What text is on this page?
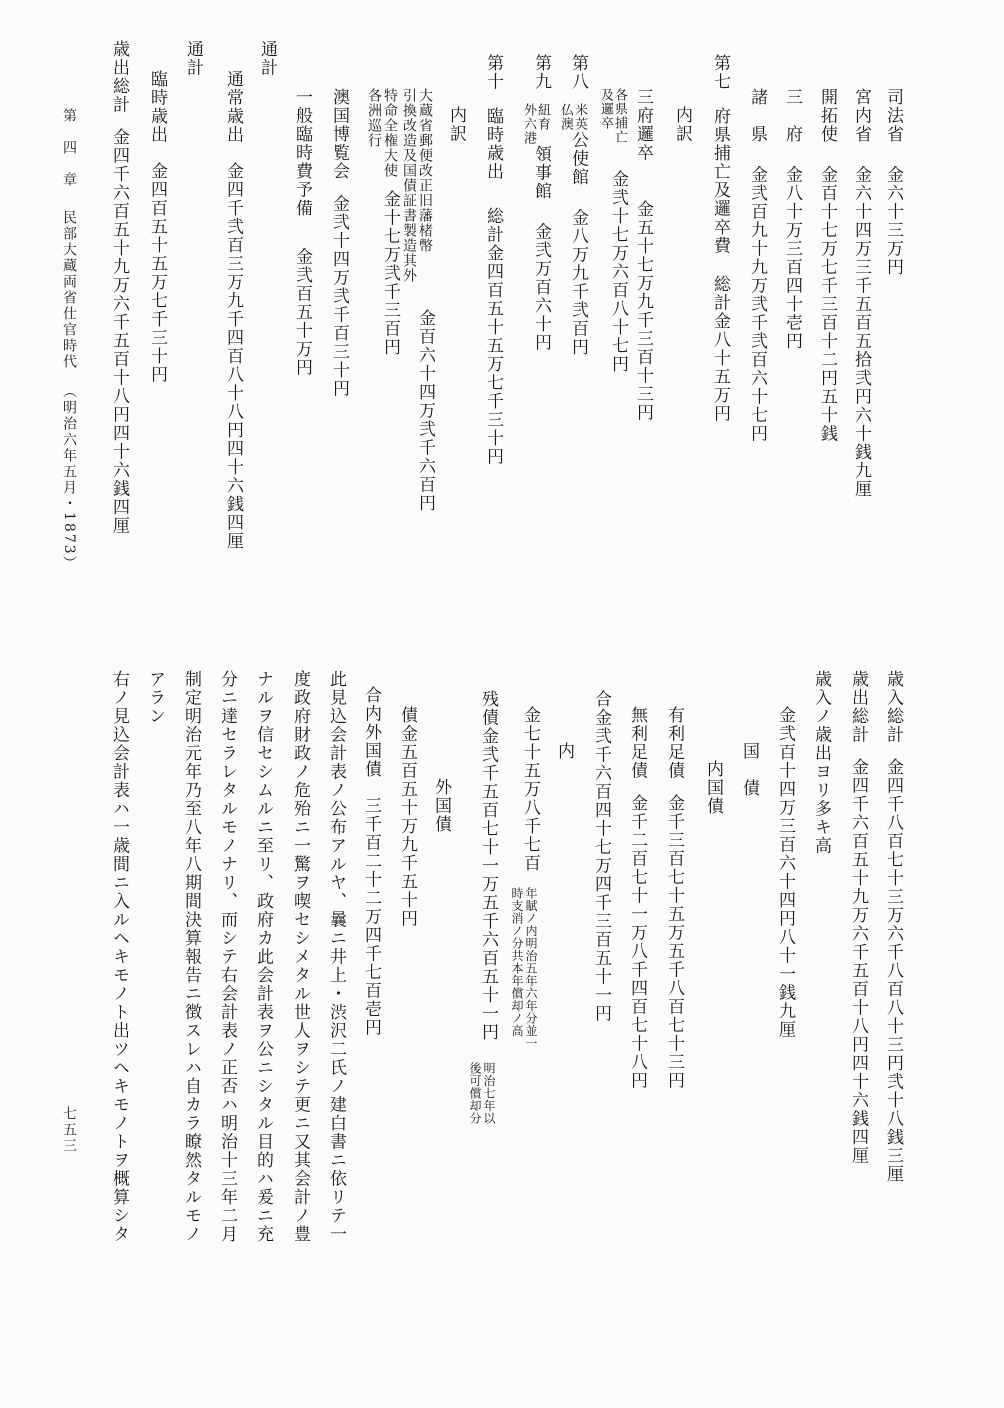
司法省金六十三万円
宮内省金六十四万三千五百五拾弐円六十銭九厘
開拓使金百十七万七千三百十二円五十銭
三　府金八十万三百四十壱円
諸　県金弐百九十九万弐千弐百六十七円
第七府県捕亡及邏卒費総計金八十五万円
内訳
三府邏卒金五十七万九千三百十三円
各県捕亡
及邏卒金弐十七万六百八十七円
第八米英
仏澳公使館金八万九千弐百円
第九紐育
外六港領事館金弐万百六十円
第十臨時歳出総計金四百五十五万七千三十円
内訳
大蔵省郵便改正旧藩楮幣
引換改造及国債証書製造其外金百六十四万弐千六百円
特命全権大使
各洲巡行金十七万弐千三百円
澳国博覧会金弐十四万弐千百三十円
一般臨時費予備金弐百五十万円
通計
通常歳出金四千弐百三万九千四百八十八円四十六銭四厘
通計
臨時歳出金四百五十五万七千三十円
歳出総計金四千六百五十九万六千五百十八円四十六銭四厘
第　四　章民部大蔵両省仕官時代（明治六年五月・1873）
歳入総計金四千八百七十三万六千八百八十三円弐十八銭三厘
歳出総計金四千六百五十九万六千五百十八円四十六銭四厘
歳入ノ歳出ヨリ多キ高
金弐百十四万三百六十四円八十一銭九厘
国　債
内国債
有利足債金千三百七十五万五千八百七十三円
無利足債金千二百七十一万八千四百七十八円
合金弐千六百四十七万四千三百五十一円
内
金七十五万八千七百年賦ノ内明治五年六年分並一
時支消ノ分共本年償却ノ高
残債金弐千五百七十一万五千六百五十一円明治七年以
後可償却分
外国債
債金五百五十万九千五十円
合内外国債三千百二十二万四千七百壱円
此見込会計表ノ公布アルヤ、曩ニ井上・渋沢二氏ノ建白書ニ依リテ一
度政府財政ノ危殆ニ一驚ヲ喫セシメタル世人ヲシテ更ニ又其会計ノ豊
ナルヲ信セシムルニ至リ、政府カ此会計表ヲ公ニシタル目的ハ爰ニ充
分ニ達セラレタルモノナリ、而シテ右会計表ノ正否ハ明治十三年二月
制定明治元年乃至八年八期間決算報告ニ徴スレハ自カラ瞭然タルモノ
アラン
右ノ見込会計表ハ一歳間ニ入ルヘキモノト出ツヘキモノトヲ概算シタ
七五三
